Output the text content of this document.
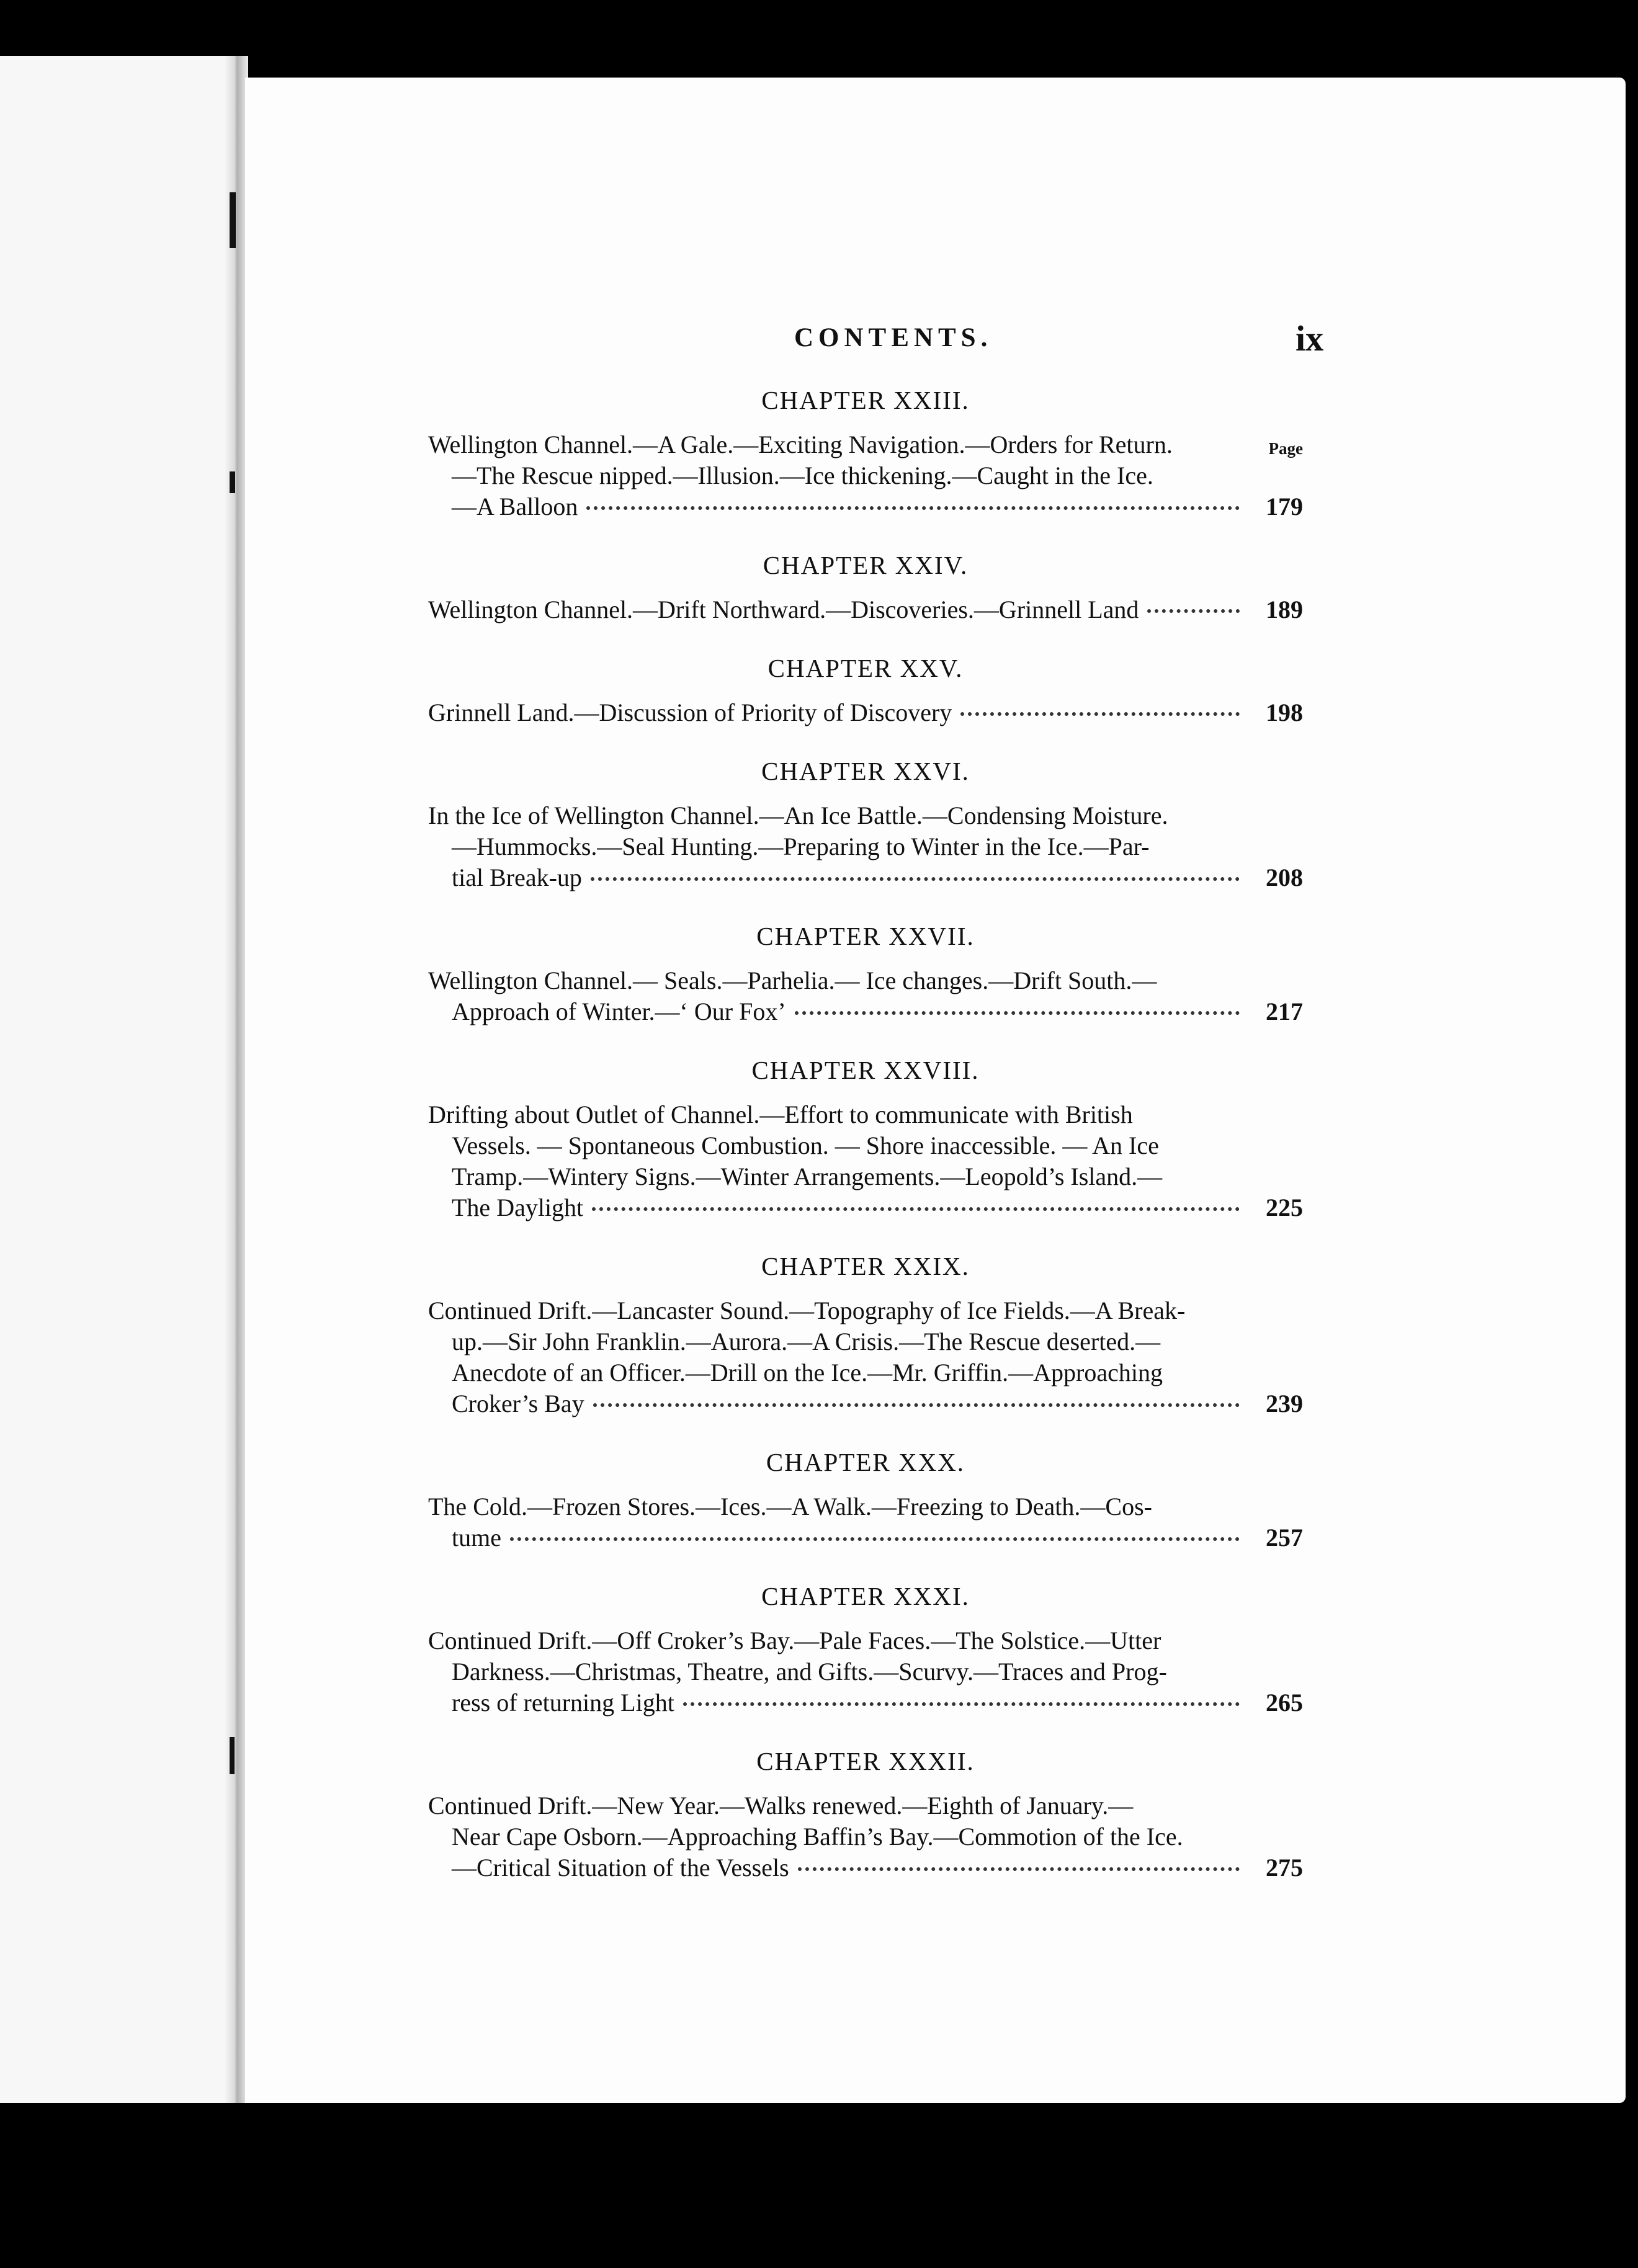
CONTENTS.	ix
Page
CHAPTER XXIII.
Wellington Channel.—A Gale.—Exciting Navigation.—Orders for Return.
—The Rescue nipped.—Illusion.—Ice thickening.—Caught in the Ice.
—A Balloon	179
CHAPTER XXIV.
Wellington Channel.—Drift Northward.—Discoveries.—Grinnell Land	189
CHAPTER XXV.
Grinnell Land.—Discussion of Priority of Discovery	198
CHAPTER XXVI.
In the Ice of Wellington Channel.—An Ice Battle.—Condensing Moisture.
—Hummocks.—Seal Hunting.—Preparing to Winter in the Ice.—Par-
tial Break-up	208
CHAPTER XXVII.
Wellington Channel.— Seals.—Parhelia.— Ice changes.—Drift South.—
Approach of Winter.—‘ Our Fox’	217
CHAPTER XXVIII.
Drifting about Outlet of Channel.—Effort to communicate with British
Vessels. — Spontaneous Combustion. — Shore inaccessible. — An Ice
Tramp.—Wintery Signs.—Winter Arrangements.—Leopold’s Island.—
The Daylight	225
CHAPTER XXIX.
Continued Drift.—Lancaster Sound.—Topography of Ice Fields.—A Break-
up.—Sir John Franklin.—Aurora.—A Crisis.—The Rescue deserted.—
Anecdote of an Officer.—Drill on the Ice.—Mr. Griffin.—Approaching
Croker’s Bay	239
CHAPTER XXX.
The Cold.—Frozen Stores.—Ices.—A Walk.—Freezing to Death.—Cos-
tume	257
CHAPTER XXXI.
Continued Drift.—Off Croker’s Bay.—Pale Faces.—The Solstice.—Utter
Darkness.—Christmas, Theatre, and Gifts.—Scurvy.—Traces and Prog-
ress of returning Light	265
CHAPTER XXXII.
Continued Drift.—New Year.—Walks renewed.—Eighth of January.—
Near Cape Osborn.—Approaching Baffin’s Bay.—Commotion of the Ice.
—Critical Situation of the Vessels	275
